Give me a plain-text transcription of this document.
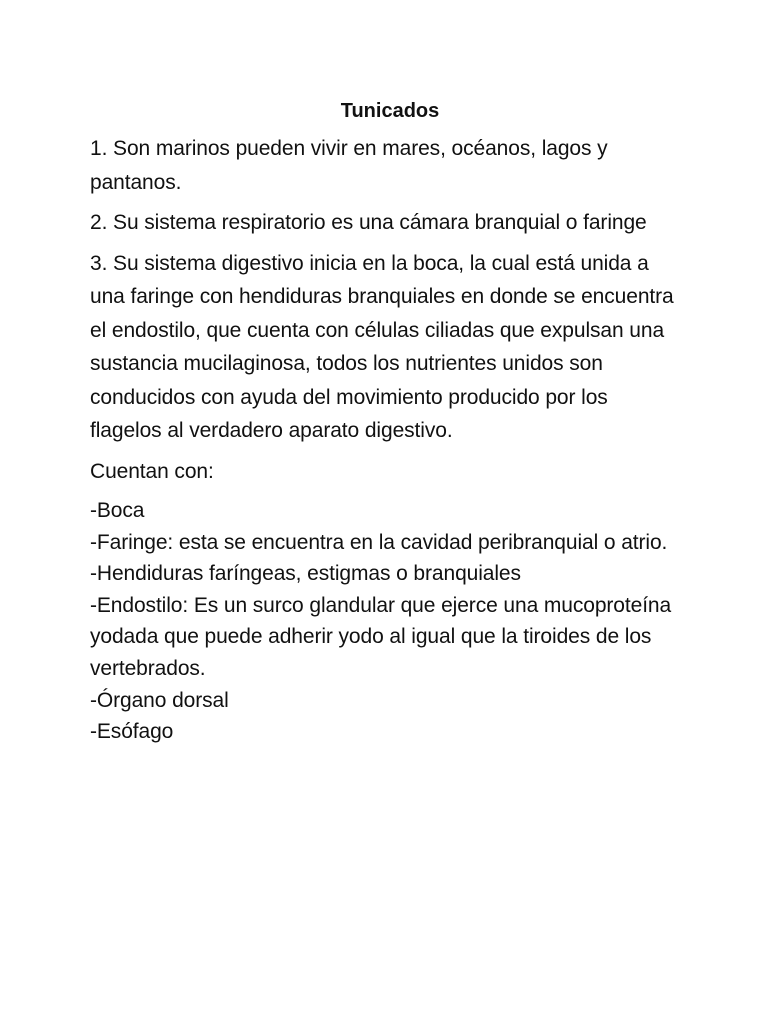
Tunicados

1. Son marinos pueden vivir en mares, océanos, lagos y pantanos.

2. Su sistema respiratorio es una cámara branquial o faringe

3. Su sistema digestivo inicia en la boca, la cual está unida a una faringe con hendiduras branquiales en donde se encuentra el endostilo, que cuenta con células ciliadas que expulsan una sustancia mucilaginosa, todos los nutrientes unidos son conducidos con ayuda del movimiento producido por los flagelos al verdadero aparato digestivo.

Cuentan con:

-Boca

-Faringe: esta se encuentra en la cavidad peribranquial o atrio.

-Hendiduras faríngeas, estigmas o branquiales

-Endostilo: Es un surco glandular que ejerce una mucoproteína yodada que puede adherir yodo al igual que la tiroides de los vertebrados.

-Órgano dorsal

-Esófago
